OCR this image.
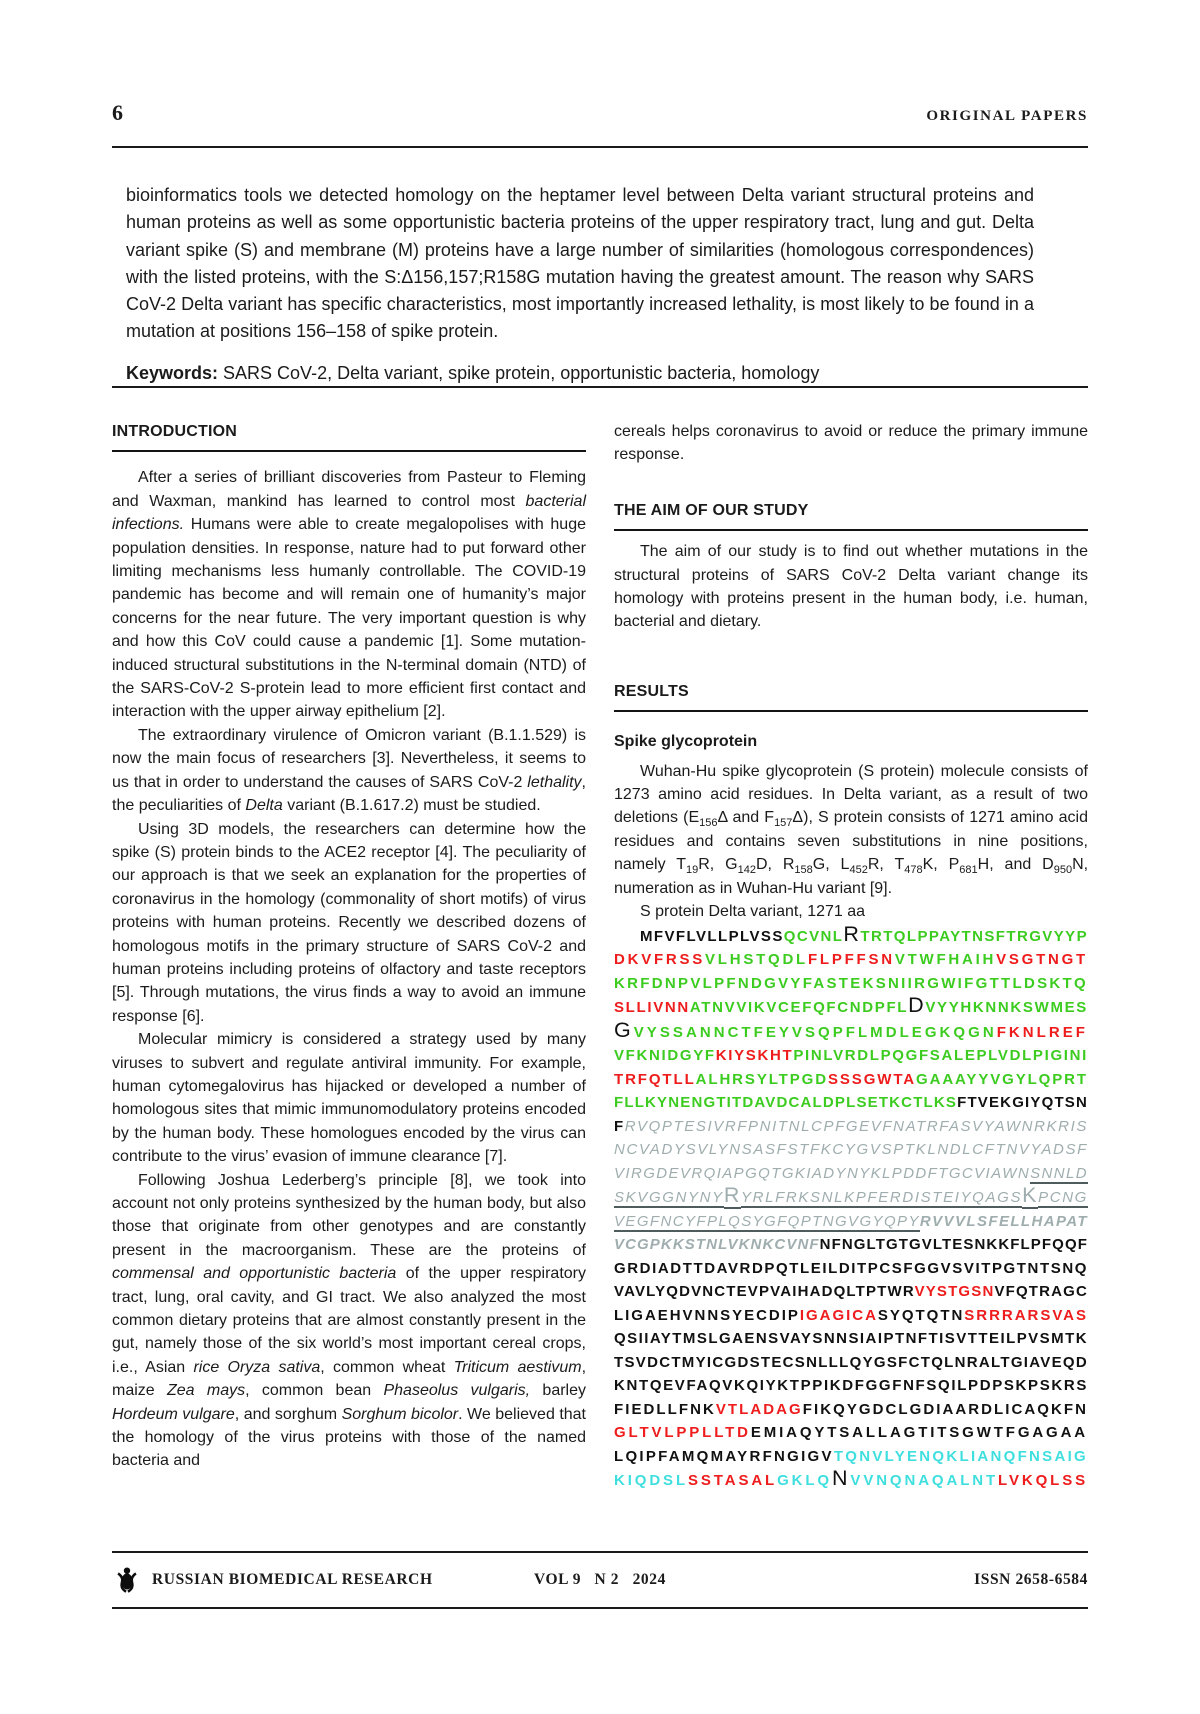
6	ORIGINAL PAPERS

bioinformatics tools we detected homology on the heptamer level between Delta variant structural proteins and human proteins as well as some opportunistic bacteria proteins of the upper respiratory tract, lung and gut. Delta variant spike (S) and membrane (M) proteins have a large number of similarities (homologous correspondences) with the listed proteins, with the S:Δ156,157;R158G mutation having the greatest amount. The reason why SARS CoV-2 Delta variant has specific characteristics, most importantly increased lethality, is most likely to be found in a mutation at positions 156–158 of spike protein.

Keywords: SARS CoV-2, Delta variant, spike protein, opportunistic bacteria, homology

INTRODUCTION

After a series of brilliant discoveries from Pasteur to Fleming and Waxman, mankind has learned to control most bacterial infections. Humans were able to create megalopolises with huge population densities. In response, nature had to put forward other limiting mechanisms less humanly controllable. The COVID-19 pandemic has become and will remain one of humanity’s major concerns for the near future. The very important question is why and how this CoV could cause a pandemic [1]. Some mutation-induced structural substitutions in the N-terminal domain (NTD) of the SARS-CoV-2 S-protein lead to more efficient first contact and interaction with the upper airway epithelium [2].

The extraordinary virulence of Omicron variant (B.1.1.529) is now the main focus of researchers [3]. Nevertheless, it seems to us that in order to understand the causes of SARS CoV-2 lethality, the peculiarities of Delta variant (B.1.617.2) must be studied.

Using 3D models, the researchers can determine how the spike (S) protein binds to the ACE2 receptor [4]. The peculiarity of our approach is that we seek an explanation for the properties of coronavirus in the homology (commonality of short motifs) of virus proteins with human proteins. Recently we described dozens of homologous motifs in the primary structure of SARS CoV-2 and human proteins including proteins of olfactory and taste receptors [5]. Through mutations, the virus finds a way to avoid an immune response [6].

Molecular mimicry is considered a strategy used by many viruses to subvert and regulate antiviral immunity. For example, human cytomegalovirus has hijacked or developed a number of homologous sites that mimic immunomodulatory proteins encoded by the human body. These homologues encoded by the virus can contribute to the virus’ evasion of immune clearance [7].

Following Joshua Lederberg’s principle [8], we took into account not only proteins synthesized by the human body, but also those that originate from other genotypes and are constantly present in the macroorganism. These are the proteins of commensal and opportunistic bacteria of the upper respiratory tract, lung, oral cavity, and GI tract. We also analyzed the most common dietary proteins that are almost constantly present in the gut, namely those of the six world’s most important cereal crops, i.e., Asian rice Oryza sativa, common wheat Triticum aestivum, maize Zea mays, common bean Phaseolus vulgaris, barley Hordeum vulgare, and sorghum Sorghum bicolor. We believed that the homology of the virus proteins with those of the named bacteria and

cereals helps coronavirus to avoid or reduce the primary immune response.

THE AIM OF OUR STUDY

The aim of our study is to find out whether mutations in the structural proteins of SARS CoV-2 Delta variant change its homology with proteins present in the human body, i.e. human, bacterial and dietary.

RESULTS
Spike glycoprotein

Wuhan-Hu spike glycoprotein (S protein) molecule consists of 1273 amino acid residues. In Delta variant, as a result of two deletions ($E_{156}\Delta$ and $F_{157}\Delta$), S protein consists of 1271 amino acid residues and contains seven substitutions in nine positions, namely $T_{19}R$, $G_{142}D$, $R_{158}G$, $L_{452}R$, $T_{478}K$, $P_{681}H$, and $D_{950}N$, numeration as in Wuhan-Hu variant [9].

S protein Delta variant, 1271 aa

MFVFLVLLPLVSSQCVNLRTRTQLPPAYTNSFTRGVYYP
DKVFRSSVLHSTQDLFLPFFSNVTWFHAIHVSGTNGT
KRFDNPVLPFNDGVYFASTEKSNIIRGWIFGTTLDSKTQ
SLLIVNNATNVVIKVCEFQFCNDPFLDVYYHKNNKSWMES
GVYSSANNCTFEYVSQPFLMDLEGKQGNFKNLREF
VFKNIDGYFKIYSKHTPINLVRDLPQGFSALEPLVDLPIGINI
TRFQTLLALHRSYLTPGDSSSGWTAGAAAYYVGYLQPRT
FLLKYNENGTITDAVDCALDPLSETKCTLKSFTVEKGIYQTSN
FRVQPTESIVRFPNITNLCPFGEVFNATRFASVYAWNRKRIS
NCVADYSVLYNSASFSTFKCYGVSPTKLNDLCFTNVYADSF
VIRGDEVRQIAPGQTGKIADYNYKLPDDFTGCVIAWNSNNLD
SKVGGNYNYRYRLFRKSNLKPFERDISTEIYQAGSKPCNG
VEGFNCYFPLQSYGFQPTNGVGYQPYRVVVLSFELLHAPAT
VCGPKKSTNLVKNKCVNFNFNGLTGTGVLTESNKKFLPFQQF
GRDIADTTDAVRDPQTLEILDITPCSFGGVSVITPGTNTSNQ
VAVLYQDVNCTEVPVAIHADQLTPTWRVYSTGSNVFQTRAGC
LIGAEHVNNSYECDIPIGAGICASYQTQTNSRRRARSVAS
QSIIAYTMSLGAENSVAYSNNSIAIPTNFTISVTTEILPVSMTK
TSVDCTMYICGDSTECSNLLLQYGSFCTQLNRALTGIAVEQD
KNTQEVFAQVKQIYKTPPIKDFGGFNFSQILPDPSKPSKRS
FIEDLLFNKVTLADAGFIKQYGDCLGDIAARDLICAQKFN
GLTVLPPLLTDEMIAQYTSALLAGTITSGWTFGAGAA
LQIPFAMQMAYRFNGIGVTQNVLYENQKLIANQFNSAIG
KIQDSLSSTASALGKLQNVVNQNAQALNTLVKQLSS
RUSSIAN BIOMEDICAL RESEARCH	VOL 9   N 2   2024	ISSN 2658-6584
